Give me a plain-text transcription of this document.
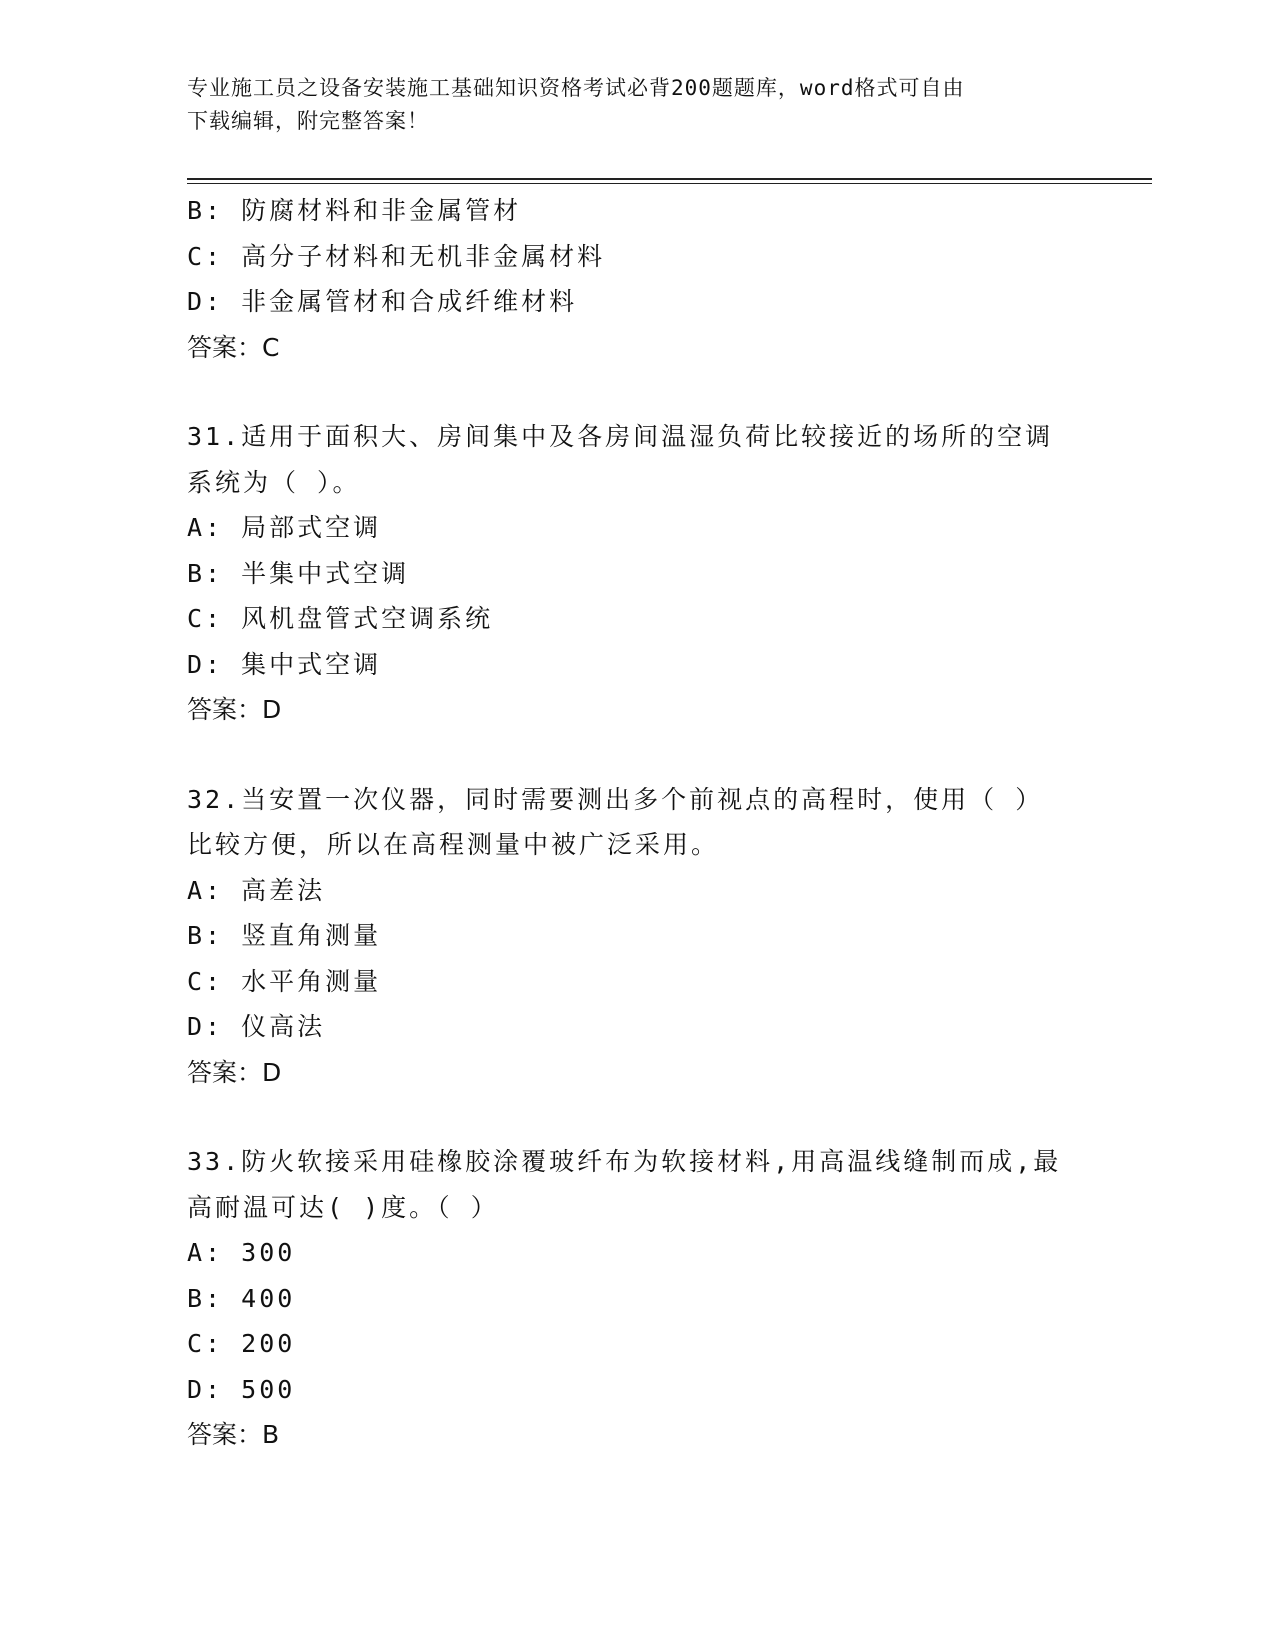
专业施工员之设备安装施工基础知识资格考试必背200题题库，word格式可自由
下载编辑，附完整答案！
B: 防腐材料和非金属管材
C: 高分子材料和无机非金属材料
D: 非金属管材和合成纤维材料
答案：C
31.适用于面积大、房间集中及各房间温湿负荷比较接近的场所的空调
系统为（ ）。
A: 局部式空调
B: 半集中式空调
C: 风机盘管式空调系统
D: 集中式空调
答案：D
32.当安置一次仪器，同时需要测出多个前视点的高程时，使用（ ）
比较方便，所以在高程测量中被广泛采用。
A: 高差法
B: 竖直角测量
C: 水平角测量
D: 仪高法
答案：D
33.防火软接采用硅橡胶涂覆玻纤布为软接材料,用高温线缝制而成,最
高耐温可达( )度。（ ）
A: 300
B: 400
C: 200
D: 500
答案：B
